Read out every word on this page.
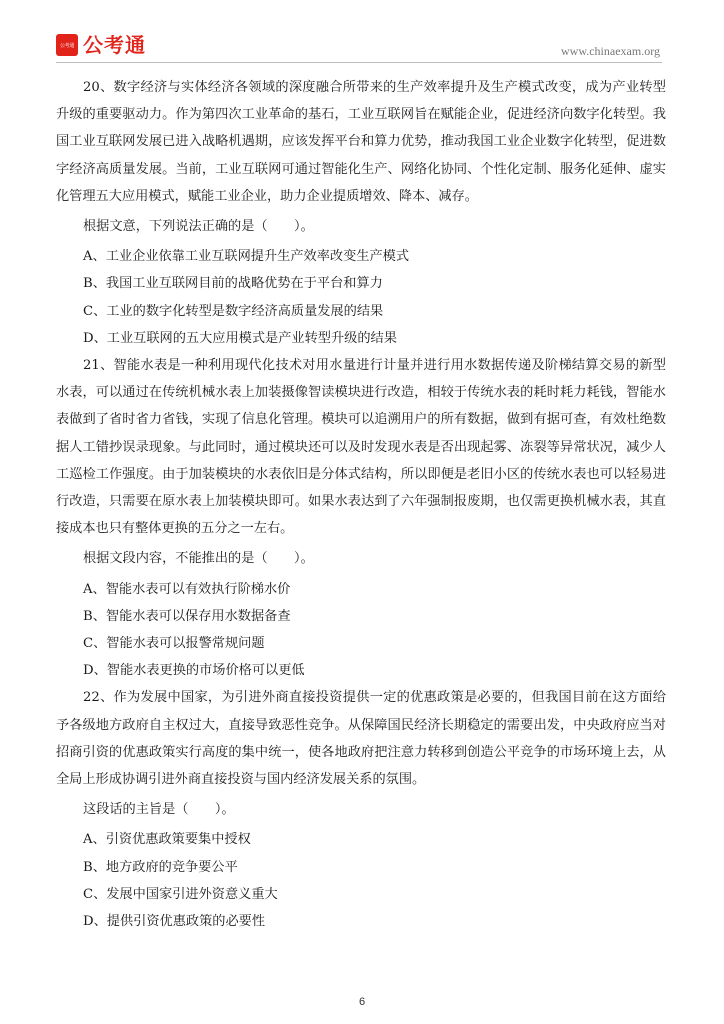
公考通 公考通	www.chinaexam.org

20、数字经济与实体经济各领域的深度融合所带来的生产效率提升及生产模式改变，成为产业转型升级的重要驱动力。作为第四次工业革命的基石，工业互联网旨在赋能企业，促进经济向数字化转型。我国工业互联网发展已进入战略机遇期，应该发挥平台和算力优势，推动我国工业企业数字化转型，促进数字经济高质量发展。当前，工业互联网可通过智能化生产、网络化协同、个性化定制、服务化延伸、虚实化管理五大应用模式，赋能工业企业，助力企业提质增效、降本、减存。

根据文意，下列说法正确的是（　　）。

A、工业企业依靠工业互联网提升生产效率改变生产模式

B、我国工业互联网目前的战略优势在于平台和算力

C、工业的数字化转型是数字经济高质量发展的结果

D、工业互联网的五大应用模式是产业转型升级的结果

21、智能水表是一种利用现代化技术对用水量进行计量并进行用水数据传递及阶梯结算交易的新型水表，可以通过在传统机械水表上加装摄像智读模块进行改造，相较于传统水表的耗时耗力耗钱，智能水表做到了省时省力省钱，实现了信息化管理。模块可以追溯用户的所有数据，做到有据可查，有效杜绝数据人工错抄误录现象。与此同时，通过模块还可以及时发现水表是否出现起雾、冻裂等异常状况，减少人工巡检工作强度。由于加装模块的水表依旧是分体式结构，所以即便是老旧小区的传统水表也可以轻易进行改造，只需要在原水表上加装模块即可。如果水表达到了六年强制报废期，也仅需更换机械水表，其直接成本也只有整体更换的五分之一左右。

根据文段内容，不能推出的是（　　）。

A、智能水表可以有效执行阶梯水价

B、智能水表可以保存用水数据备查

C、智能水表可以报警常规问题

D、智能水表更换的市场价格可以更低

22、作为发展中国家，为引进外商直接投资提供一定的优惠政策是必要的，但我国目前在这方面给予各级地方政府自主权过大，直接导致恶性竞争。从保障国民经济长期稳定的需要出发，中央政府应当对招商引资的优惠政策实行高度的集中统一，使各地政府把注意力转移到创造公平竞争的市场环境上去，从全局上形成协调引进外商直接投资与国内经济发展关系的氛围。

这段话的主旨是（　　）。

A、引资优惠政策要集中授权

B、地方政府的竞争要公平

C、发展中国家引进外资意义重大

D、提供引资优惠政策的必要性

6
